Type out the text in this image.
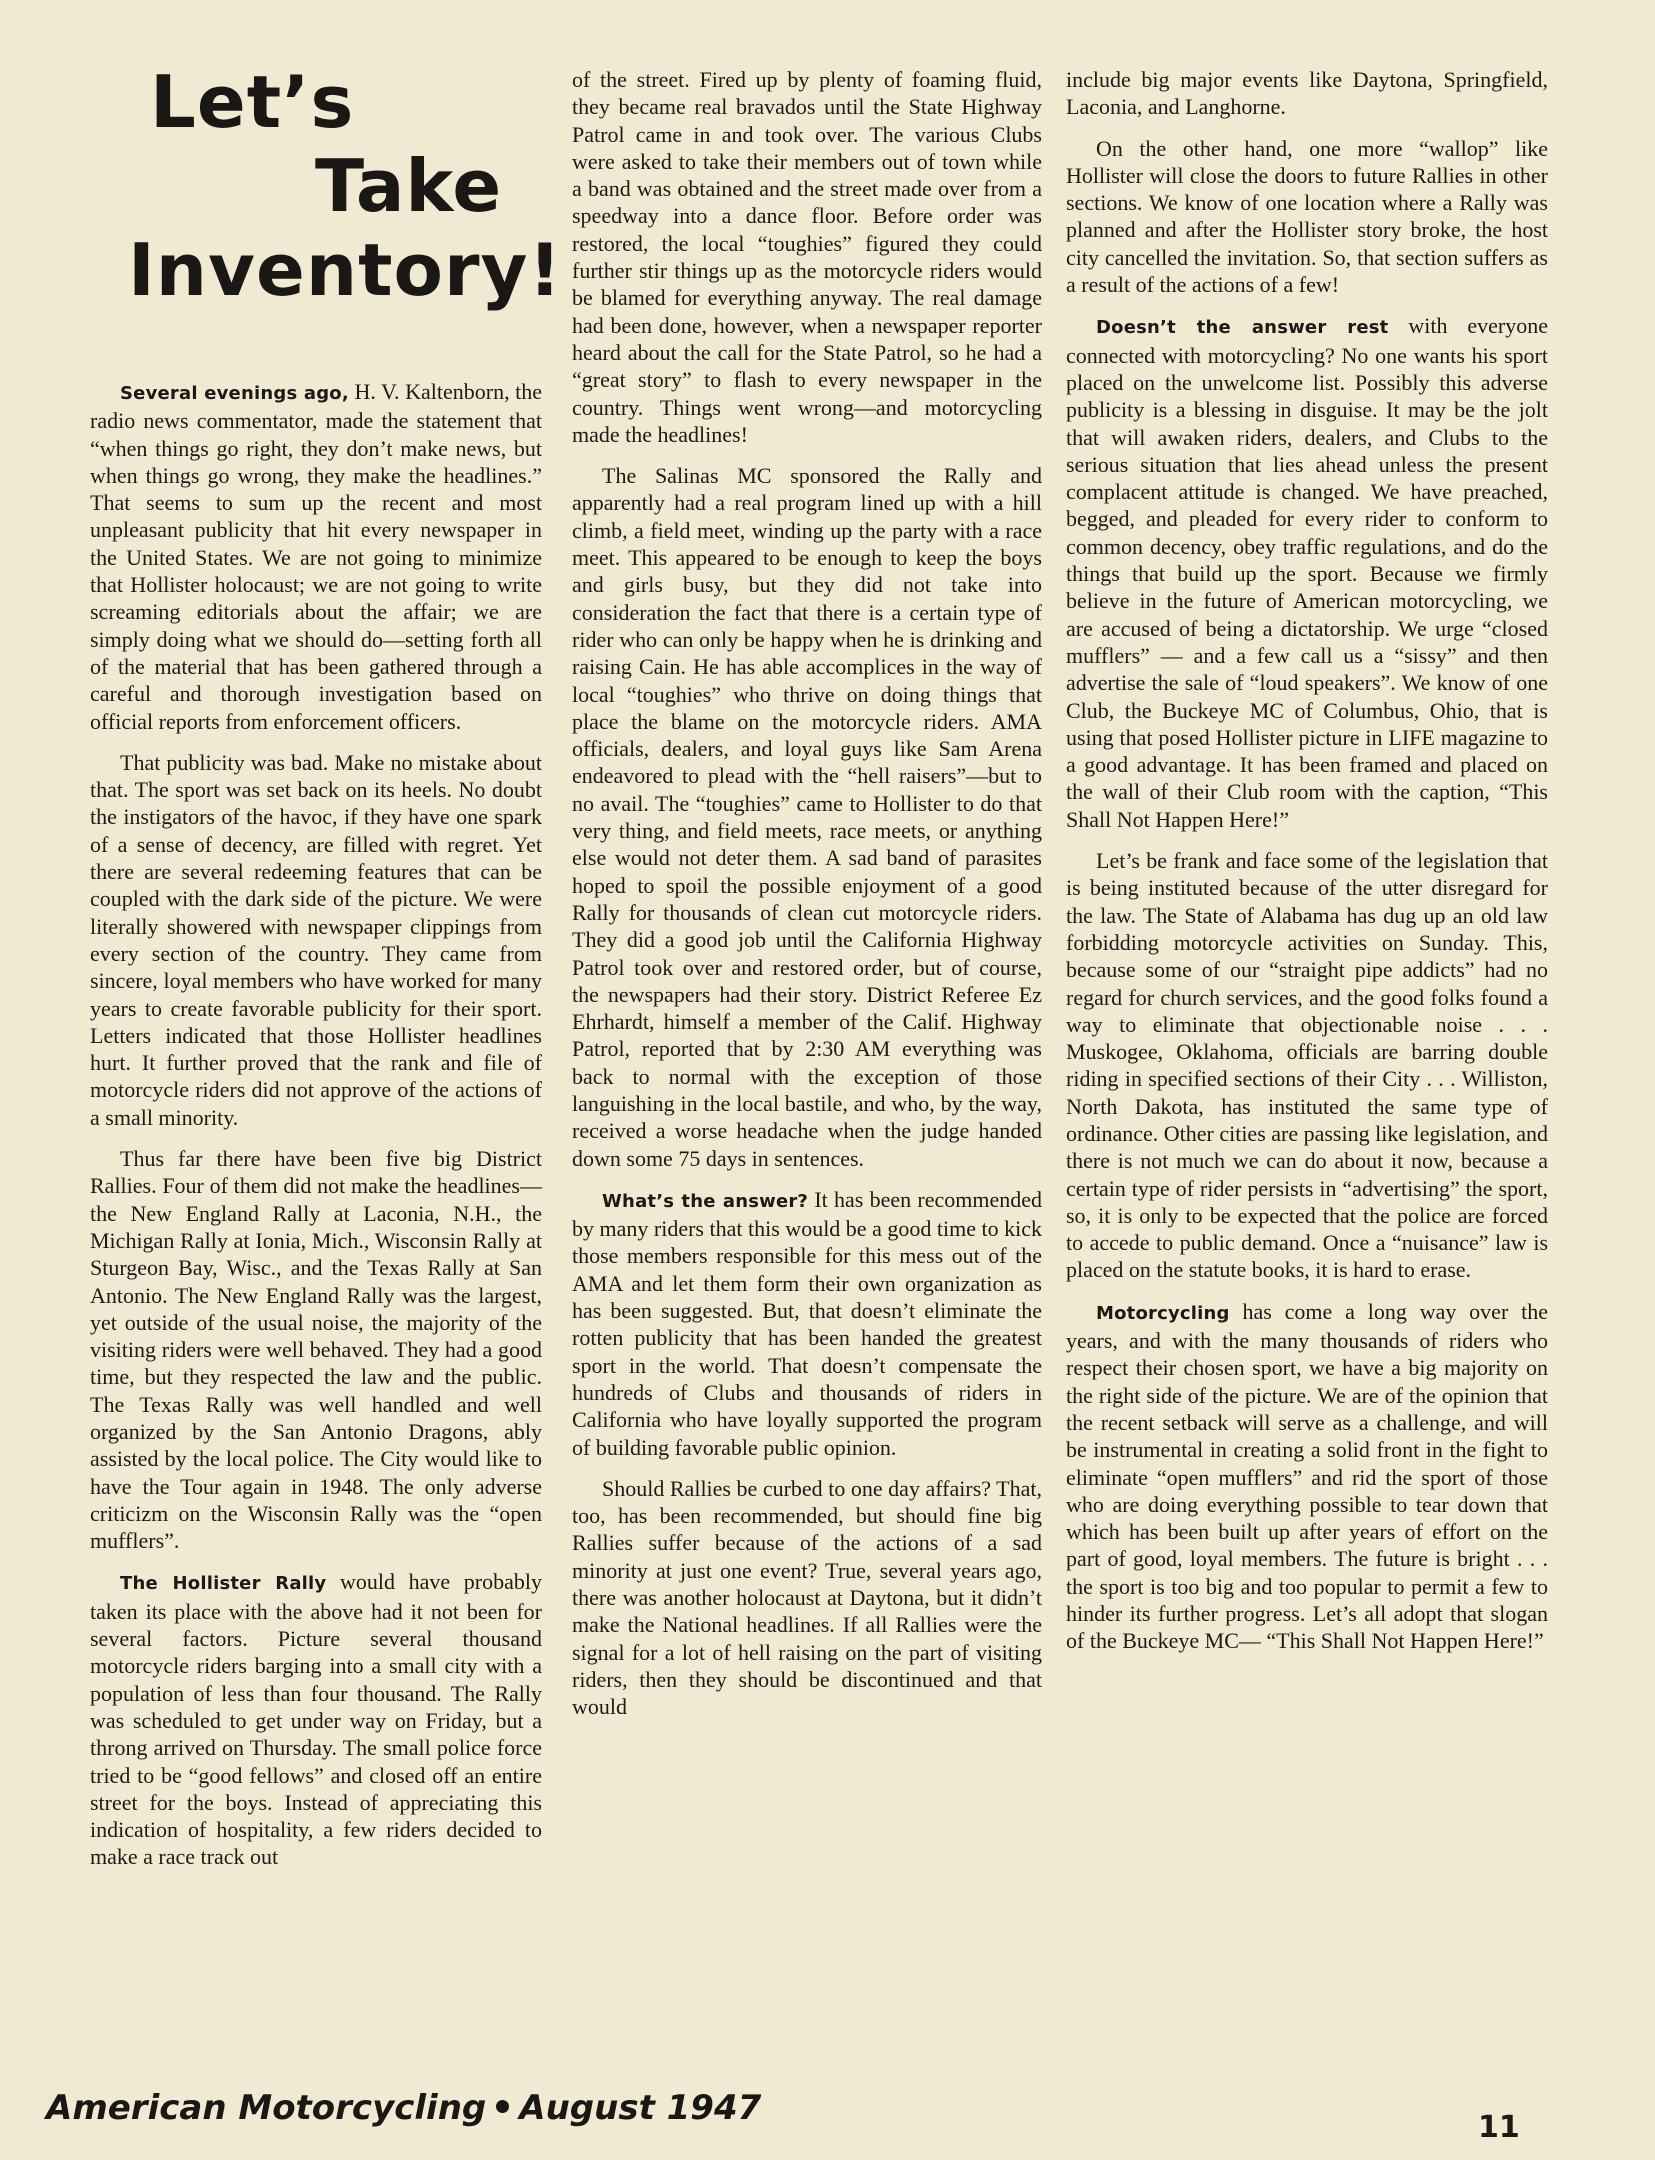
Let’s
Take
Inventory!

Several evenings ago, H. V. Kaltenborn, the radio news commentator, made the statement that “when things go right, they don’t make news, but when things go wrong, they make the headlines.” That seems to sum up the recent and most unpleasant publicity that hit every newspaper in the United States. We are not going to minimize that Hollister holocaust; we are not going to write screaming editorials about the affair; we are simply doing what we should do—setting forth all of the material that has been gathered through a careful and thorough investigation based on official reports from enforcement officers.

That publicity was bad. Make no mistake about that. The sport was set back on its heels. No doubt the instigators of the havoc, if they have one spark of a sense of decency, are filled with regret. Yet there are several redeeming features that can be coupled with the dark side of the picture. We were literally showered with newspaper clippings from every section of the country. They came from sincere, loyal members who have worked for many years to create favorable publicity for their sport. Letters indicated that those Hollister headlines hurt. It further proved that the rank and file of motorcycle riders did not approve of the actions of a small minority.

Thus far there have been five big District Rallies. Four of them did not make the headlines—the New England Rally at Laconia, N.H., the Michigan Rally at Ionia, Mich., Wisconsin Rally at Sturgeon Bay, Wisc., and the Texas Rally at San Antonio. The New England Rally was the largest, yet outside of the usual noise, the majority of the visiting riders were well behaved. They had a good time, but they respected the law and the public. The Texas Rally was well handled and well organized by the San Antonio Dragons, ably assisted by the local police. The City would like to have the Tour again in 1948. The only adverse criticizm on the Wisconsin Rally was the “open mufflers”.

The Hollister Rally would have probably taken its place with the above had it not been for several factors. Picture several thousand motorcycle riders barging into a small city with a population of less than four thousand. The Rally was scheduled to get under way on Friday, but a throng arrived on Thursday. The small police force tried to be “good fellows” and closed off an entire street for the boys. Instead of appreciating this indication of hospitality, a few riders decided to make a race track out

of the street. Fired up by plenty of foaming fluid, they became real bravados until the State Highway Patrol came in and took over. The various Clubs were asked to take their members out of town while a band was obtained and the street made over from a speedway into a dance floor. Before order was restored, the local “toughies” figured they could further stir things up as the motorcycle riders would be blamed for everything anyway. The real damage had been done, however, when a newspaper reporter heard about the call for the State Patrol, so he had a “great story” to flash to every newspaper in the country. Things went wrong—and motorcycling made the headlines!

The Salinas MC sponsored the Rally and apparently had a real program lined up with a hill climb, a field meet, winding up the party with a race meet. This appeared to be enough to keep the boys and girls busy, but they did not take into consideration the fact that there is a certain type of rider who can only be happy when he is drinking and raising Cain. He has able accomplices in the way of local “toughies” who thrive on doing things that place the blame on the motorcycle riders. AMA officials, dealers, and loyal guys like Sam Arena endeavored to plead with the “hell raisers”—but to no avail. The “toughies” came to Hollister to do that very thing, and field meets, race meets, or anything else would not deter them. A sad band of parasites hoped to spoil the possible enjoyment of a good Rally for thousands of clean cut motorcycle riders. They did a good job until the California Highway Patrol took over and restored order, but of course, the newspapers had their story. District Referee Ez Ehrhardt, himself a member of the Calif. Highway Patrol, reported that by 2:30 AM everything was back to normal with the exception of those languishing in the local bastile, and who, by the way, received a worse headache when the judge handed down some 75 days in sentences.

What’s the answer? It has been recommended by many riders that this would be a good time to kick those members responsible for this mess out of the AMA and let them form their own organization as has been suggested. But, that doesn’t eliminate the rotten publicity that has been handed the greatest sport in the world. That doesn’t compensate the hundreds of Clubs and thousands of riders in California who have loyally supported the program of building favorable public opinion.

Should Rallies be curbed to one day affairs? That, too, has been recommended, but should fine big Rallies suffer because of the actions of a sad minority at just one event? True, several years ago, there was another holocaust at Daytona, but it didn’t make the National headlines. If all Rallies were the signal for a lot of hell raising on the part of visiting riders, then they should be discontinued and that would

include big major events like Daytona, Springfield, Laconia, and Langhorne.

On the other hand, one more “wallop” like Hollister will close the doors to future Rallies in other sections. We know of one location where a Rally was planned and after the Hollister story broke, the host city cancelled the invitation. So, that section suffers as a result of the actions of a few!

Doesn’t the answer rest with everyone connected with motorcycling? No one wants his sport placed on the unwelcome list. Possibly this adverse publicity is a blessing in disguise. It may be the jolt that will awaken riders, dealers, and Clubs to the serious situation that lies ahead unless the present complacent attitude is changed. We have preached, begged, and pleaded for every rider to conform to common decency, obey traffic regulations, and do the things that build up the sport. Because we firmly believe in the future of American motorcycling, we are accused of being a dictatorship. We urge “closed mufflers” — and a few call us a “sissy” and then advertise the sale of “loud speakers”. We know of one Club, the Buckeye MC of Columbus, Ohio, that is using that posed Hollister picture in LIFE magazine to a good advantage. It has been framed and placed on the wall of their Club room with the caption, “This Shall Not Happen Here!”

Let’s be frank and face some of the legislation that is being instituted because of the utter disregard for the law. The State of Alabama has dug up an old law forbidding motorcycle activities on Sunday. This, because some of our “straight pipe addicts” had no regard for church services, and the good folks found a way to eliminate that objectionable noise . . . Muskogee, Oklahoma, officials are barring double riding in specified sections of their City . . . Williston, North Dakota, has instituted the same type of ordinance. Other cities are passing like legislation, and there is not much we can do about it now, because a certain type of rider persists in “advertising” the sport, so, it is only to be expected that the police are forced to accede to public demand. Once a “nuisance” law is placed on the statute books, it is hard to erase.

Motorcycling has come a long way over the years, and with the many thousands of riders who respect their chosen sport, we have a big majority on the right side of the picture. We are of the opinion that the recent setback will serve as a challenge, and will be instrumental in creating a solid front in the fight to eliminate “open mufflers” and rid the sport of those who are doing everything possible to tear down that which has been built up after years of effort on the part of good, loyal members. The future is bright . . . the sport is too big and too popular to permit a few to hinder its further progress. Let’s all adopt that slogan of the Buckeye MC— “This Shall Not Happen Here!”

American Motorcycling August 1947	11
